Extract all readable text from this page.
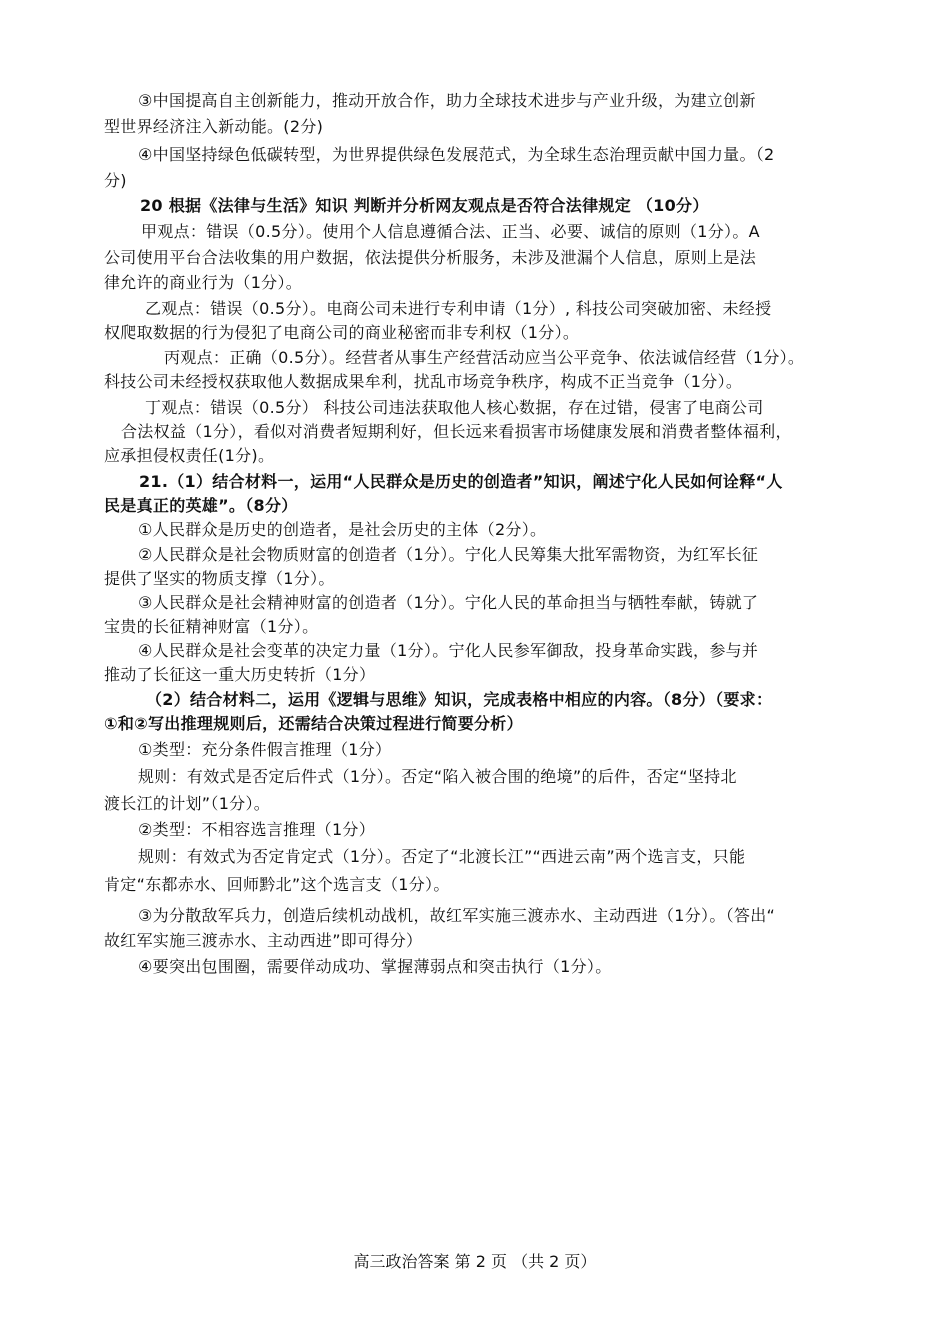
③中国提高自主创新能力，推动开放合作，助力全球技术进步与产业升级，为建立创新
型世界经济注入新动能。(2分)
④中国坚持绿色低碳转型，为世界提供绿色发展范式，为全球生态治理贡献中国力量。（2
分)
20 根据《法律与生活》知识 判断并分析网友观点是否符合法律规定 （10分）
甲观点：错误（0.5分）。使用个人信息遵循合法、正当、必要、诚信的原则（1分）。A
公司使用平台合法收集的用户数据，依法提供分析服务，未涉及泄漏个人信息，原则上是法
律允许的商业行为（1分）。
乙观点：错误（0.5分）。电商公司未进行专利申请（1分）, 科技公司突破加密、未经授
权爬取数据的行为侵犯了电商公司的商业秘密而非专利权（1分）。
丙观点：正确（0.5分）。经营者从事生产经营活动应当公平竞争、依法诚信经营（1分）。
科技公司未经授权获取他人数据成果牟利，扰乱市场竞争秩序，构成不正当竞争（1分）。
丁观点：错误（0.5分） 科技公司违法获取他人核心数据，存在过错，侵害了电商公司
合法权益（1分），看似对消费者短期利好，但长远来看损害市场健康发展和消费者整体福利，
应承担侵权责任(1分)。
21.（1）结合材料一，运用“人民群众是历史的创造者”知识，阐述宁化人民如何诠释“人
民是真正的英雄”。（8分）
①人民群众是历史的创造者，是社会历史的主体（2分）。
②人民群众是社会物质财富的创造者（1分）。宁化人民筹集大批军需物资，为红军长征
提供了坚实的物质支撑（1分）。
③人民群众是社会精神财富的创造者（1分）。宁化人民的革命担当与牺牲奉献，铸就了
宝贵的长征精神财富（1分）。
④人民群众是社会变革的决定力量（1分）。宁化人民参军御敌，投身革命实践，参与并
推动了长征这一重大历史转折（1分）
（2）结合材料二，运用《逻辑与思维》知识，完成表格中相应的内容。（8分）（要求：
①和②写出推理规则后，还需结合决策过程进行简要分析）
①类型：充分条件假言推理（1分）
规则：有效式是否定后件式（1分）。否定“陷入被合围的绝境”的后件，否定“坚持北
渡长江的计划”（1分）。
②类型：不相容选言推理（1分）
规则：有效式为否定肯定式（1分）。否定了“北渡长江”“西进云南”两个选言支，只能
肯定“东都赤水、回师黔北”这个选言支（1分）。
③为分散敌军兵力，创造后续机动战机，故红军实施三渡赤水、主动西进（1分）。（答出“
故红军实施三渡赤水、主动西进”即可得分）
④要突出包围圈，需要佯动成功、掌握薄弱点和突击执行（1分）。
高三政治答案 第 2 页 （共 2 页）
